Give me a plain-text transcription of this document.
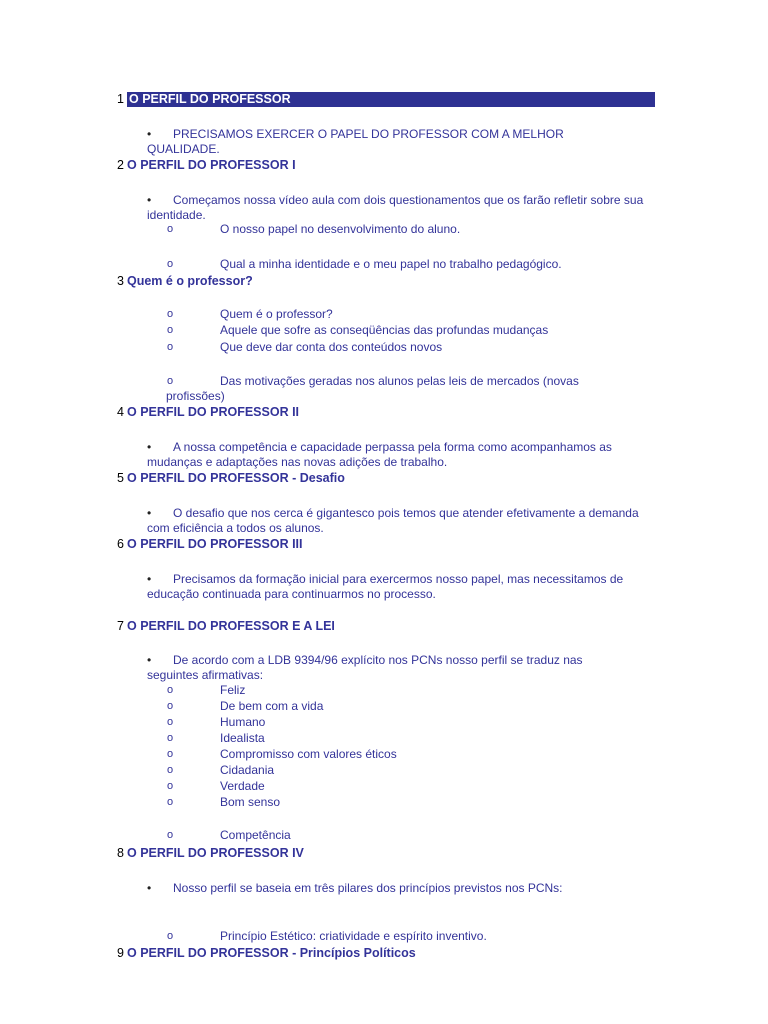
1 O PERFIL DO PROFESSOR
•	PRECISAMOS EXERCER O PAPEL DO PROFESSOR COM A MELHOR QUALIDADE.
2 O PERFIL DO PROFESSOR I
•	Começamos nossa vídeo aula com dois questionamentos que os farão refletir sobre sua identidade.
o	O nosso papel no desenvolvimento do aluno.
o	Qual a minha identidade e o meu papel no trabalho pedagógico.
3 Quem é o professor?
o	Quem é o professor?
o	Aquele que sofre as conseqüências das profundas mudanças
o	Que deve dar conta dos conteúdos novos
o	Das motivações geradas nos alunos pelas leis de mercados (novas profissões)
4 O PERFIL DO PROFESSOR II
•	A nossa competência e capacidade perpassa pela forma como acompanhamos as mudanças e adaptações nas novas adições de trabalho.
5 O PERFIL DO PROFESSOR - Desafio
•	O desafio que nos cerca é gigantesco pois temos que atender efetivamente a demanda com eficiência a todos os alunos.
6 O PERFIL DO PROFESSOR III
•	Precisamos da formação inicial para exercermos nosso papel, mas necessitamos de educação continuada para continuarmos no processo.
7 O PERFIL DO PROFESSOR E A LEI
•	De acordo com a LDB 9394/96 explícito nos PCNs nosso perfil se traduz nas seguintes afirmativas:
o	Feliz
o	De bem com a vida
o	Humano
o	Idealista
o	Compromisso com valores éticos
o	Cidadania
o	Verdade
o	Bom senso
o	Competência
8 O PERFIL DO PROFESSOR IV
•	Nosso perfil se baseia em três pilares dos princípios previstos nos PCNs:
o	Princípio Estético: criatividade e espírito inventivo.
9 O PERFIL DO PROFESSOR - Princípios Políticos
